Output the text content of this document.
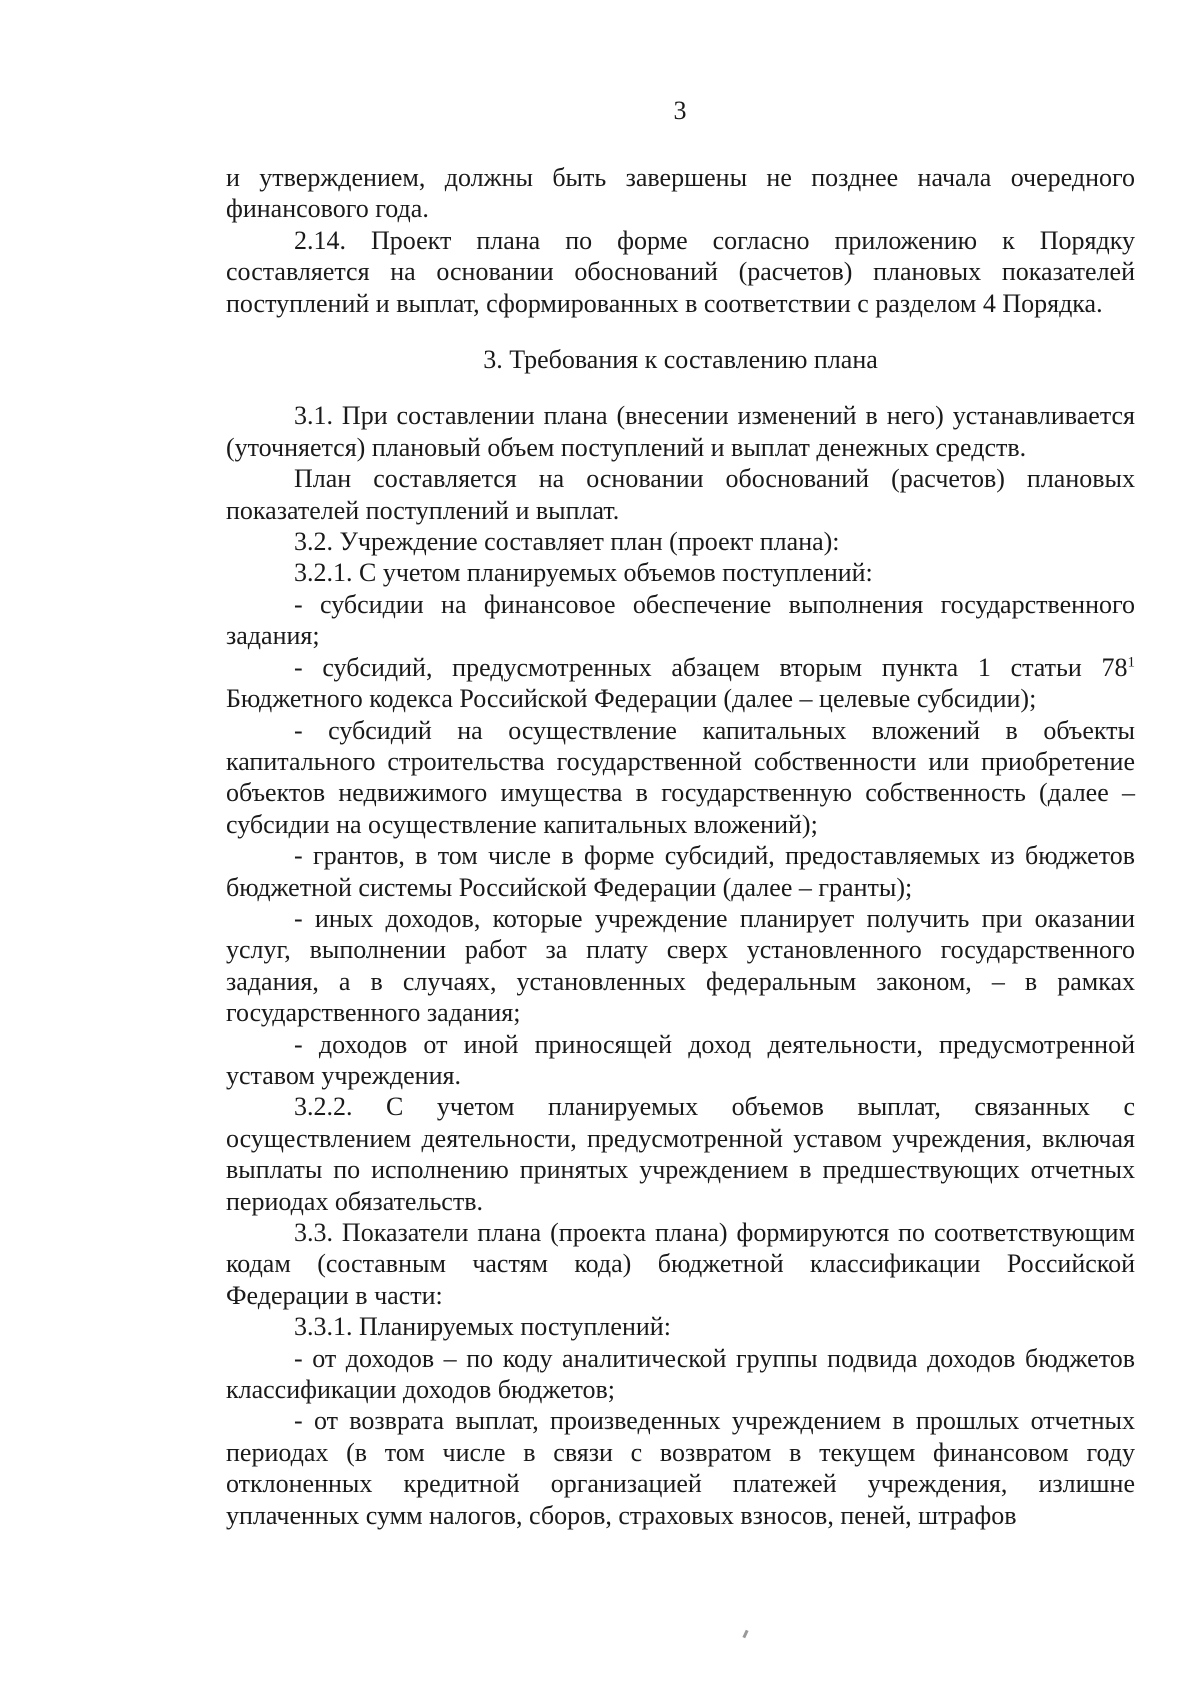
3

и утверждением, должны быть завершены не позднее начала очередного финансового года.

2.14. Проект плана по форме согласно приложению к Порядку составляется на основании обоснований (расчетов) плановых показателей поступлений и выплат, сформированных в соответствии с разделом 4 Порядка.

3. Требования к составлению плана

3.1. При составлении плана (внесении изменений в него) устанавливается (уточняется) плановый объем поступлений и выплат денежных средств.

План составляется на основании обоснований (расчетов) плановых показателей поступлений и выплат.

3.2. Учреждение составляет план (проект плана):

3.2.1. С учетом планируемых объемов поступлений:

- субсидии на финансовое обеспечение выполнения государственного задания;

- субсидий, предусмотренных абзацем вторым пункта 1 статьи $78^1$ Бюджетного кодекса Российской Федерации (далее – целевые субсидии);

- субсидий на осуществление капитальных вложений в объекты капитального строительства государственной собственности или приобретение объектов недвижимого имущества в государственную собственность (далее – субсидии на осуществление капитальных вложений);

- грантов, в том числе в форме субсидий, предоставляемых из бюджетов бюджетной системы Российской Федерации (далее – гранты);

- иных доходов, которые учреждение планирует получить при оказании услуг, выполнении работ за плату сверх установленного государственного задания, а в случаях, установленных федеральным законом, – в рамках государственного задания;

- доходов от иной приносящей доход деятельности, предусмотренной уставом учреждения.

3.2.2. С учетом планируемых объемов выплат, связанных с осуществлением деятельности, предусмотренной уставом учреждения, включая выплаты по исполнению принятых учреждением в предшествующих отчетных периодах обязательств.

3.3. Показатели плана (проекта плана) формируются по соответствующим кодам (составным частям кода) бюджетной классификации Российской Федерации в части:

3.3.1. Планируемых поступлений:

- от доходов – по коду аналитической группы подвида доходов бюджетов классификации доходов бюджетов;

- от возврата выплат, произведенных учреждением в прошлых отчетных периодах (в том числе в связи с возвратом в текущем финансовом году отклоненных кредитной организацией платежей учреждения, излишне уплаченных сумм налогов, сборов, страховых взносов, пеней, штрафов
